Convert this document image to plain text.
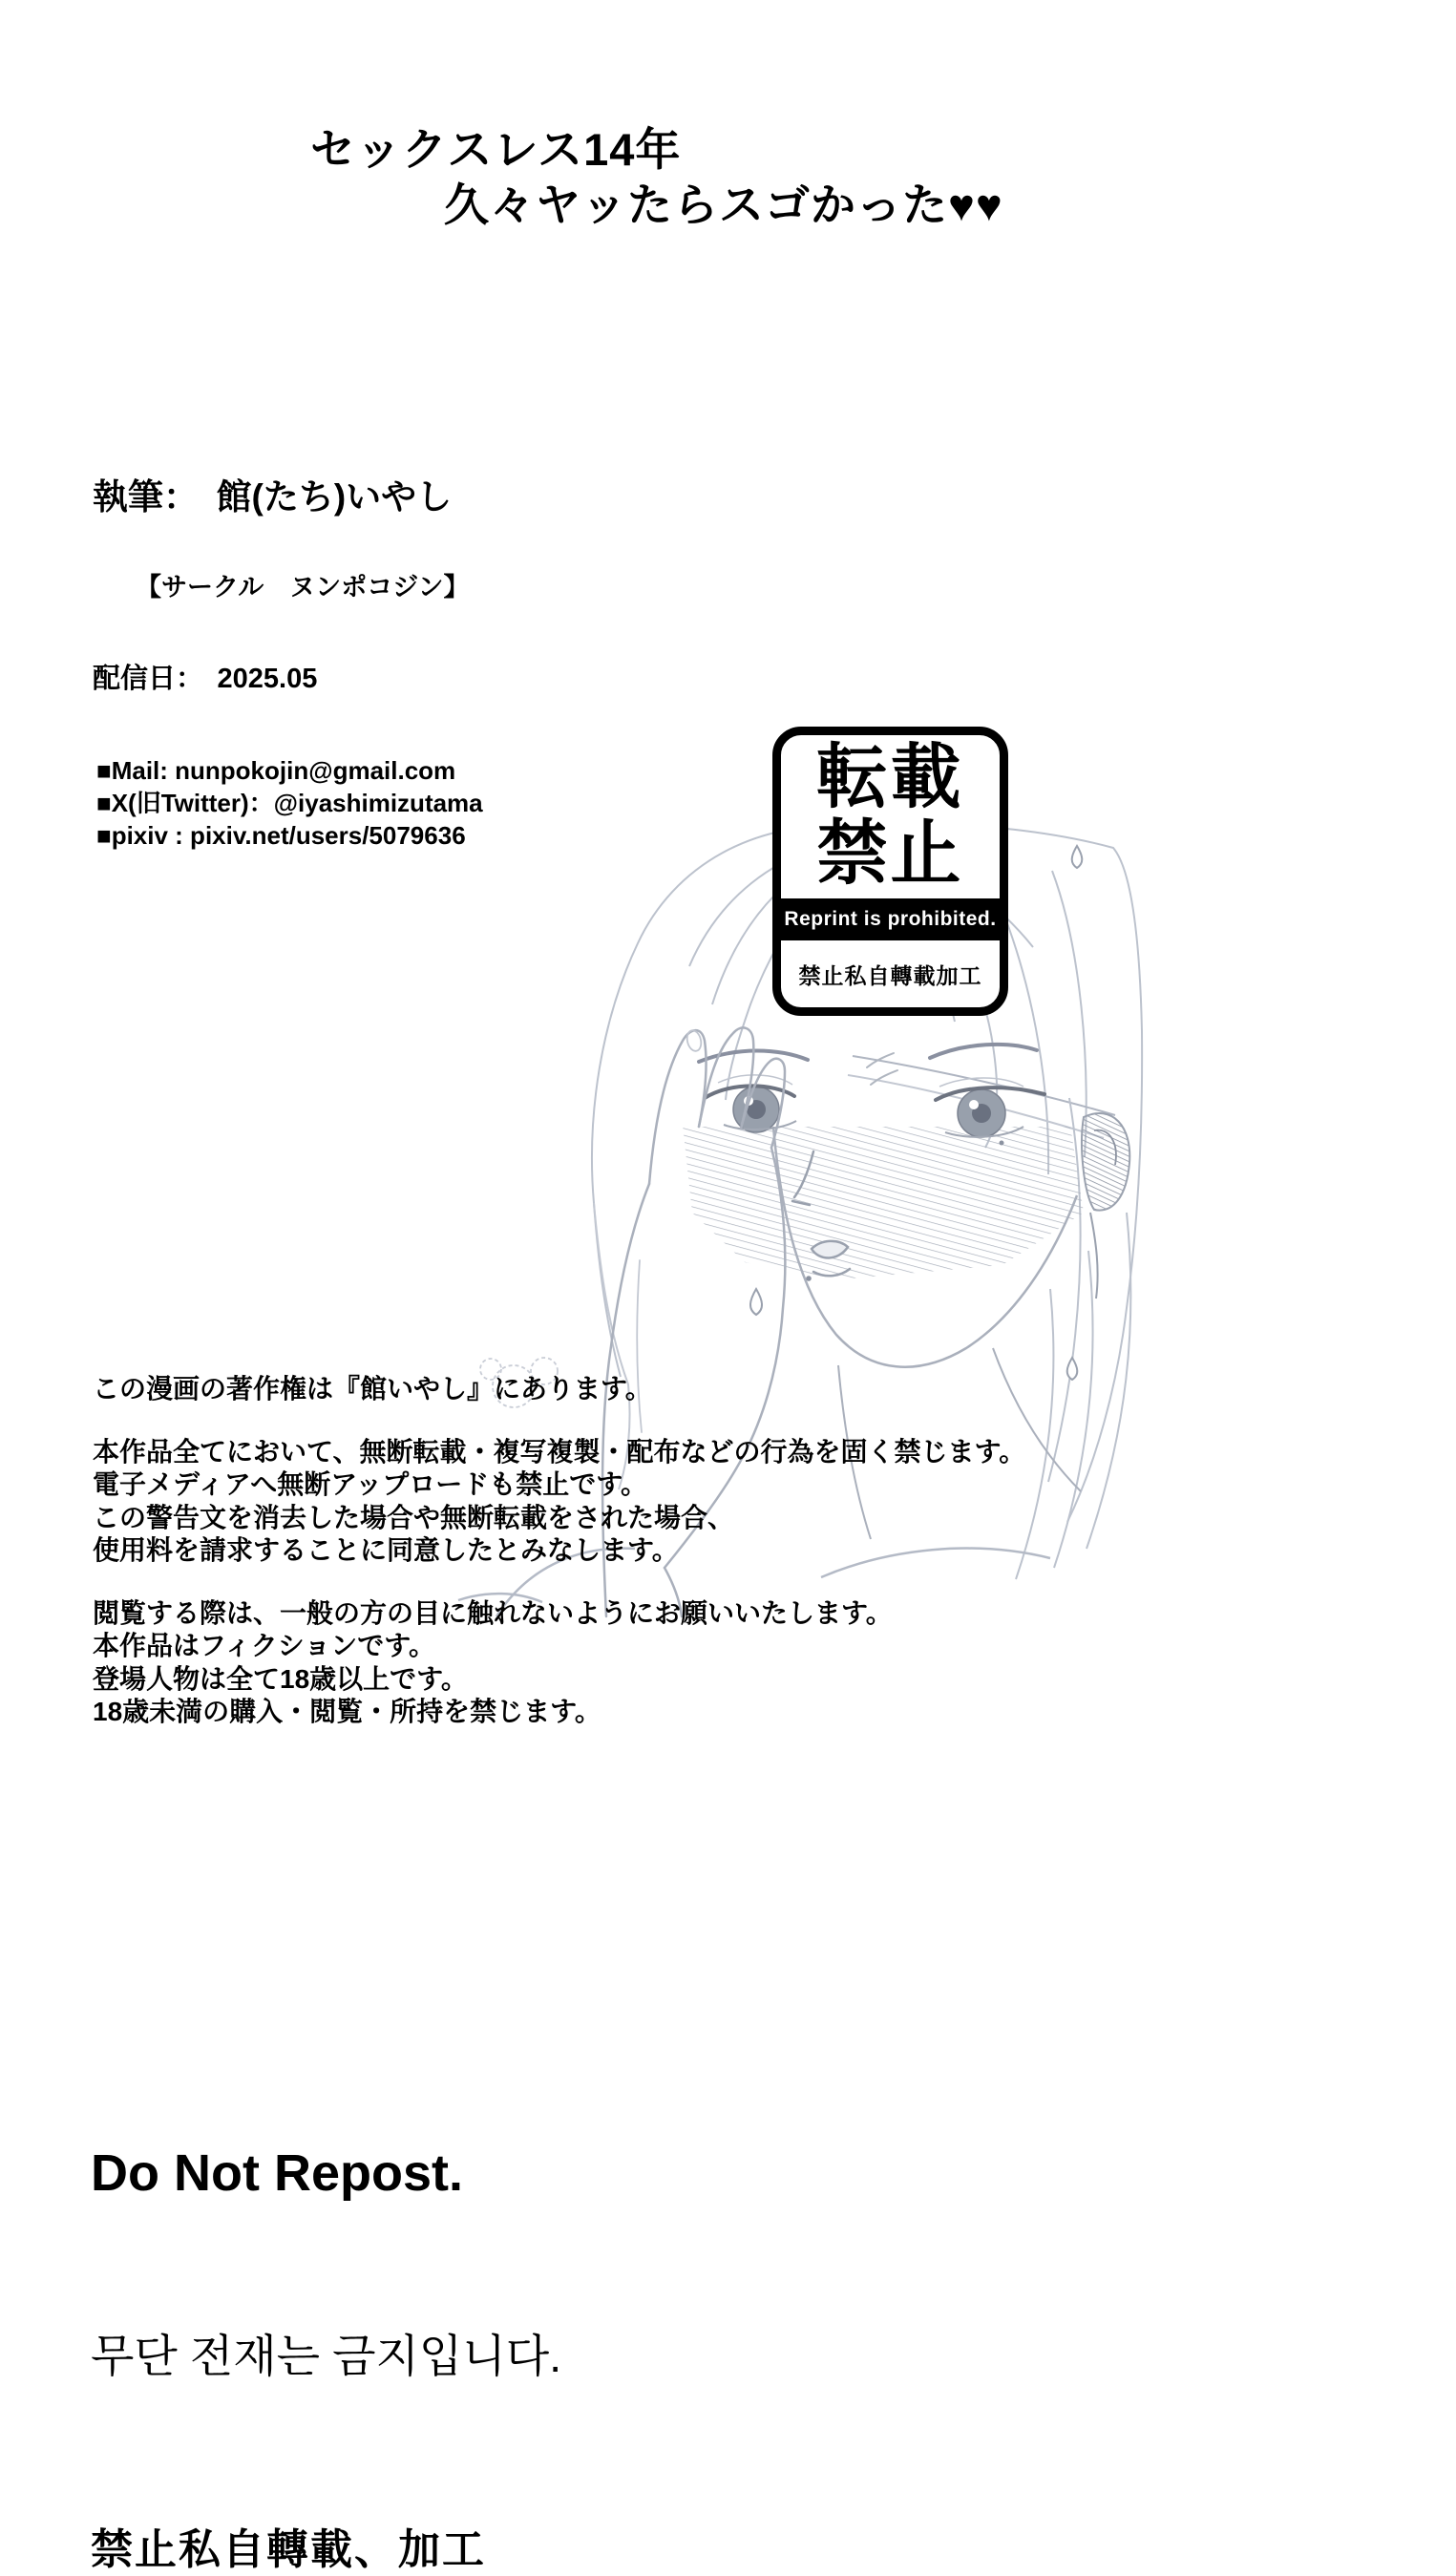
セックスレス14年
久々ヤッたらスゴかった♥♥
執筆：　館(たち)いやし
【サークル　ヌンポコジン】
配信日：　2025.05
■Mail: nunpokojin@gmail.com
■X(旧Twitter)：@iyashimizutama
■pixiv : pixiv.net/users/5079636
転載
禁止
Reprint is prohibited.
禁止私自轉載加工

この漫画の著作権は『館いやし』にあります。

本作品全てにおいて、無断転載・複写複製・配布などの行為を固く禁じます。
電子メディアへ無断アップロードも禁止です。
この警告文を消去した場合や無断転載をされた場合、
使用料を請求することに同意したとみなします。

閲覧する際は、一般の方の目に触れないようにお願いいたします。
本作品はフィクションです。
登場人物は全て18歳以上です。
18歳未満の購入・閲覧・所持を禁じます。

Do Not Repost.
무단 전재는 금지입니다.
禁止私自轉載、加工
